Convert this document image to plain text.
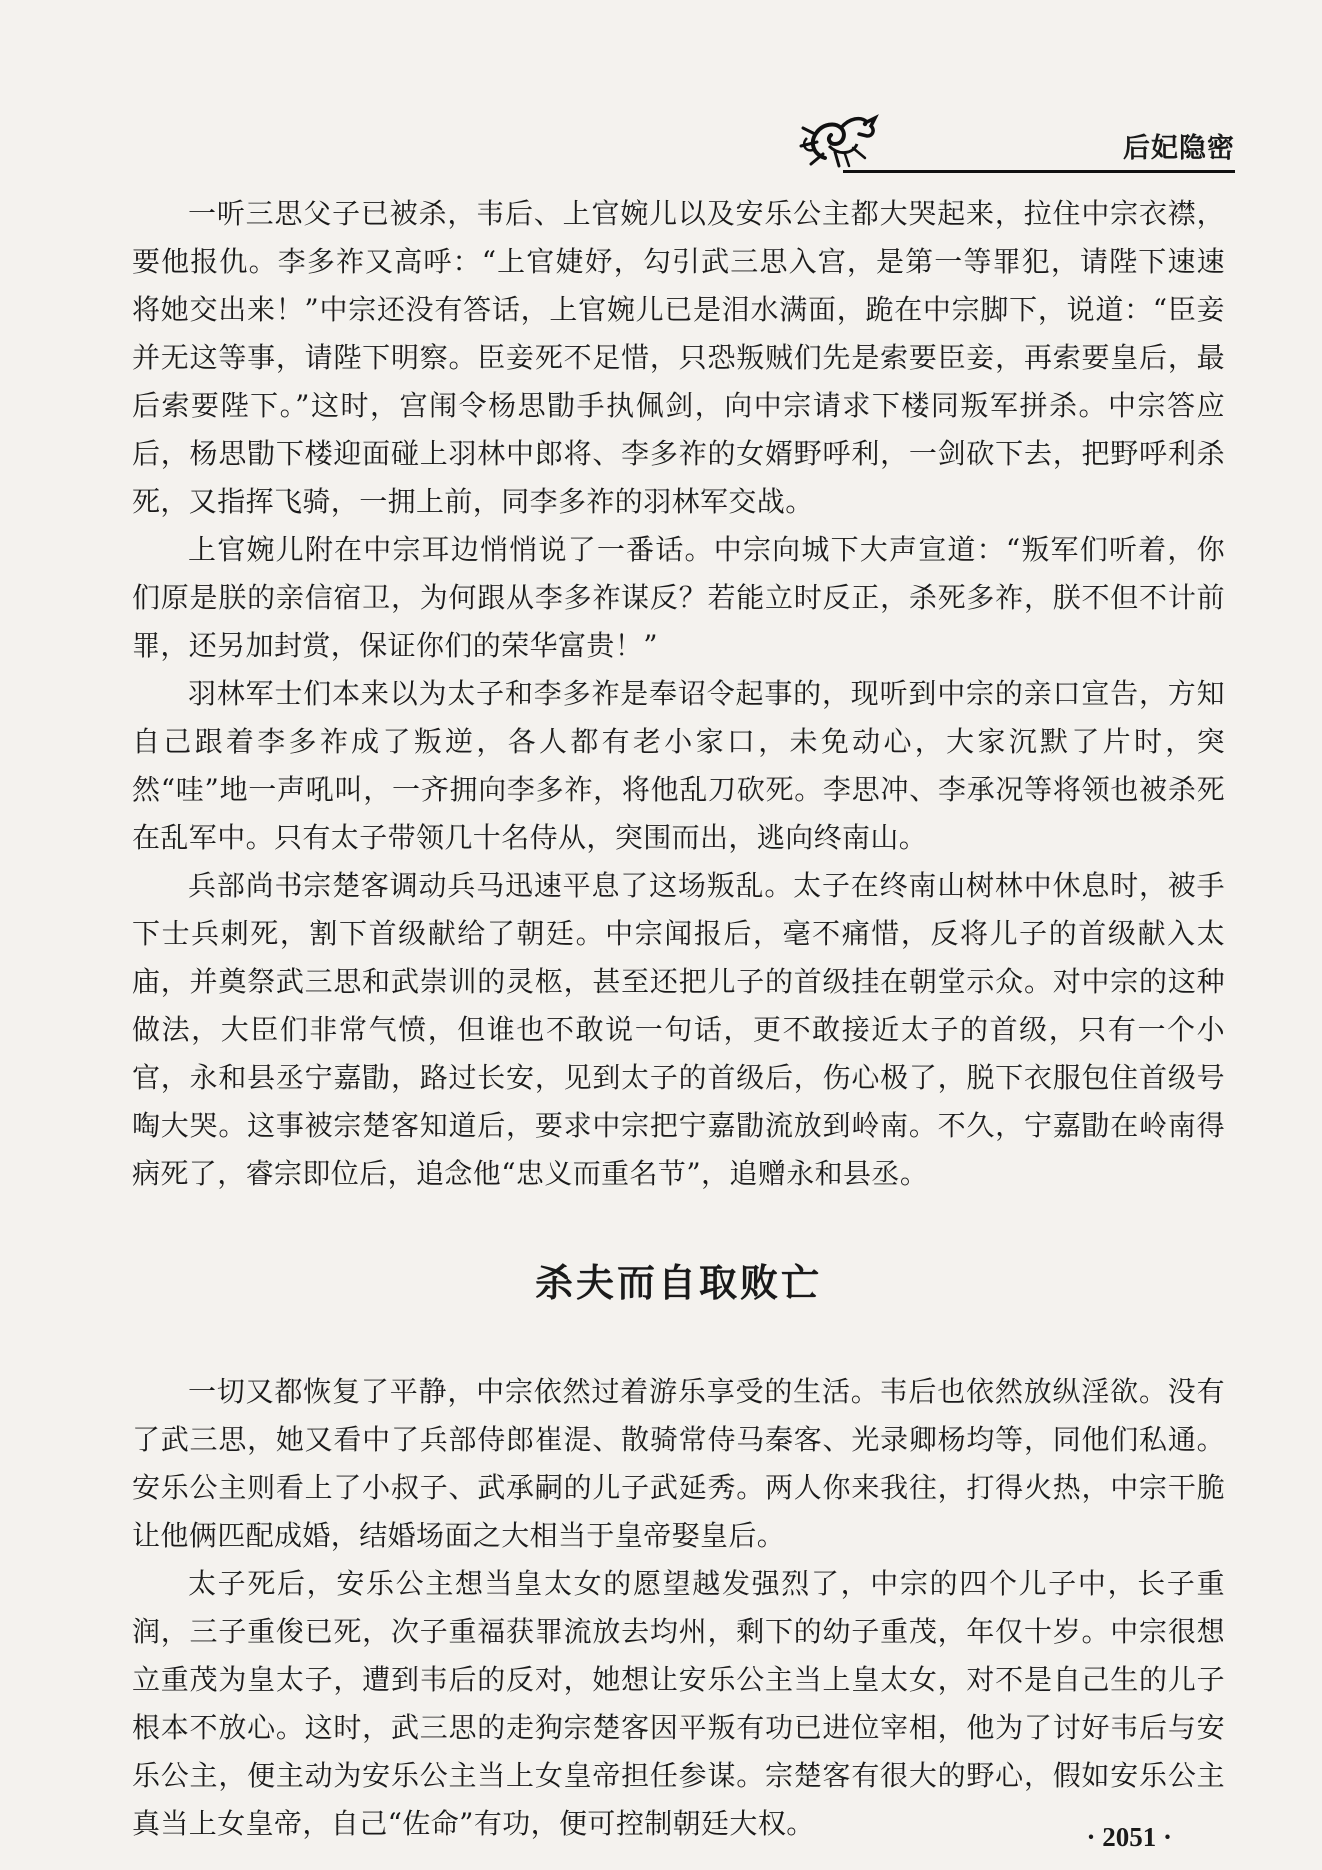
后妃隐密

一听三思父子已被杀，韦后、上官婉儿以及安乐公主都大哭起来，拉住中宗衣襟，要他报仇。李多祚又高呼：“上官婕妤，勾引武三思入宫，是第一等罪犯，请陛下速速将她交出来！”中宗还没有答话，上官婉儿已是泪水满面，跪在中宗脚下，说道：“臣妾并无这等事，请陛下明察。臣妾死不足惜，只恐叛贼们先是索要臣妾，再索要皇后，最后索要陛下。”这时，宫闱令杨思勖手执佩剑，向中宗请求下楼同叛军拼杀。中宗答应后，杨思勖下楼迎面碰上羽林中郎将、李多祚的女婿野呼利，一剑砍下去，把野呼利杀死，又指挥飞骑，一拥上前，同李多祚的羽林军交战。

上官婉儿附在中宗耳边悄悄说了一番话。中宗向城下大声宣道：“叛军们听着，你们原是朕的亲信宿卫，为何跟从李多祚谋反？若能立时反正，杀死多祚，朕不但不计前罪，还另加封赏，保证你们的荣华富贵！”

羽林军士们本来以为太子和李多祚是奉诏令起事的，现听到中宗的亲口宣告，方知自己跟着李多祚成了叛逆，各人都有老小家口，未免动心，大家沉默了片时，突然“哇”地一声吼叫，一齐拥向李多祚，将他乱刀砍死。李思冲、李承况等将领也被杀死在乱军中。只有太子带领几十名侍从，突围而出，逃向终南山。

兵部尚书宗楚客调动兵马迅速平息了这场叛乱。太子在终南山树林中休息时，被手下士兵刺死，割下首级献给了朝廷。中宗闻报后，毫不痛惜，反将儿子的首级献入太庙，并奠祭武三思和武崇训的灵柩，甚至还把儿子的首级挂在朝堂示众。对中宗的这种做法，大臣们非常气愤，但谁也不敢说一句话，更不敢接近太子的首级，只有一个小官，永和县丞宁嘉勖，路过长安，见到太子的首级后，伤心极了，脱下衣服包住首级号啕大哭。这事被宗楚客知道后，要求中宗把宁嘉勖流放到岭南。不久，宁嘉勖在岭南得病死了，睿宗即位后，追念他“忠义而重名节”，追赠永和县丞。

杀夫而自取败亡

一切又都恢复了平静，中宗依然过着游乐享受的生活。韦后也依然放纵淫欲。没有了武三思，她又看中了兵部侍郎崔湜、散骑常侍马秦客、光录卿杨均等，同他们私通。安乐公主则看上了小叔子、武承嗣的儿子武延秀。两人你来我往，打得火热，中宗干脆让他俩匹配成婚，结婚场面之大相当于皇帝娶皇后。

太子死后，安乐公主想当皇太女的愿望越发强烈了，中宗的四个儿子中，长子重润，三子重俊已死，次子重福获罪流放去均州，剩下的幼子重茂，年仅十岁。中宗很想立重茂为皇太子，遭到韦后的反对，她想让安乐公主当上皇太女，对不是自己生的儿子根本不放心。这时，武三思的走狗宗楚客因平叛有功已进位宰相，他为了讨好韦后与安乐公主，便主动为安乐公主当上女皇帝担任参谋。宗楚客有很大的野心，假如安乐公主真当上女皇帝，自己“佐命”有功，便可控制朝廷大权。	· 2051 ·
